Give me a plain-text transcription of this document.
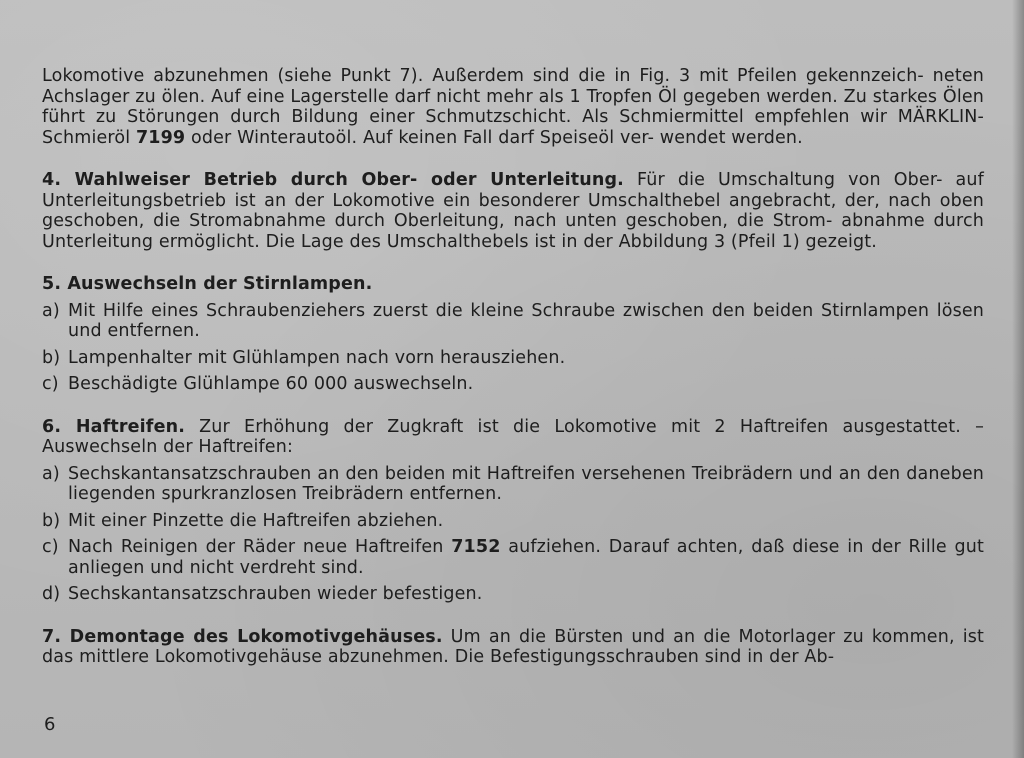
Lokomotive abzunehmen (siehe Punkt 7). Außerdem sind die in Fig. 3 mit Pfeilen gekennzeich- neten Achslager zu ölen. Auf eine Lagerstelle darf nicht mehr als 1 Tropfen Öl gegeben werden. Zu starkes Ölen führt zu Störungen durch Bildung einer Schmutzschicht. Als Schmiermittel empfehlen wir MÄRKLIN-Schmieröl 7199 oder Winterautoöl. Auf keinen Fall darf Speiseöl ver- wendet werden.

4. Wahlweiser Betrieb durch Ober- oder Unterleitung. Für die Umschaltung von Ober- auf Unterleitungsbetrieb ist an der Lokomotive ein besonderer Umschalthebel angebracht, der, nach oben geschoben, die Stromabnahme durch Oberleitung, nach unten geschoben, die Strom- abnahme durch Unterleitung ermöglicht. Die Lage des Umschalthebels ist in der Abbildung 3 (Pfeil 1) gezeigt.

5. Auswechseln der Stirnlampen.

a) Mit Hilfe eines Schraubenziehers zuerst die kleine Schraube zwischen den beiden Stirnlampen lösen und entfernen.
b) Lampenhalter mit Glühlampen nach vorn herausziehen.
c) Beschädigte Glühlampe 60 000 auswechseln.

6. Haftreifen. Zur Erhöhung der Zugkraft ist die Lokomotive mit 2 Haftreifen ausgestattet. – Auswechseln der Haftreifen:

a) Sechskantansatzschrauben an den beiden mit Haftreifen versehenen Treibrädern und an den daneben liegenden spurkranzlosen Treibrädern entfernen.
b) Mit einer Pinzette die Haftreifen abziehen.
c) Nach Reinigen der Räder neue Haftreifen 7152 aufziehen. Darauf achten, daß diese in der Rille gut anliegen und nicht verdreht sind.
d) Sechskantansatzschrauben wieder befestigen.

7. Demontage des Lokomotivgehäuses. Um an die Bürsten und an die Motorlager zu kommen, ist das mittlere Lokomotivgehäuse abzunehmen. Die Befestigungsschrauben sind in der Ab-

6
